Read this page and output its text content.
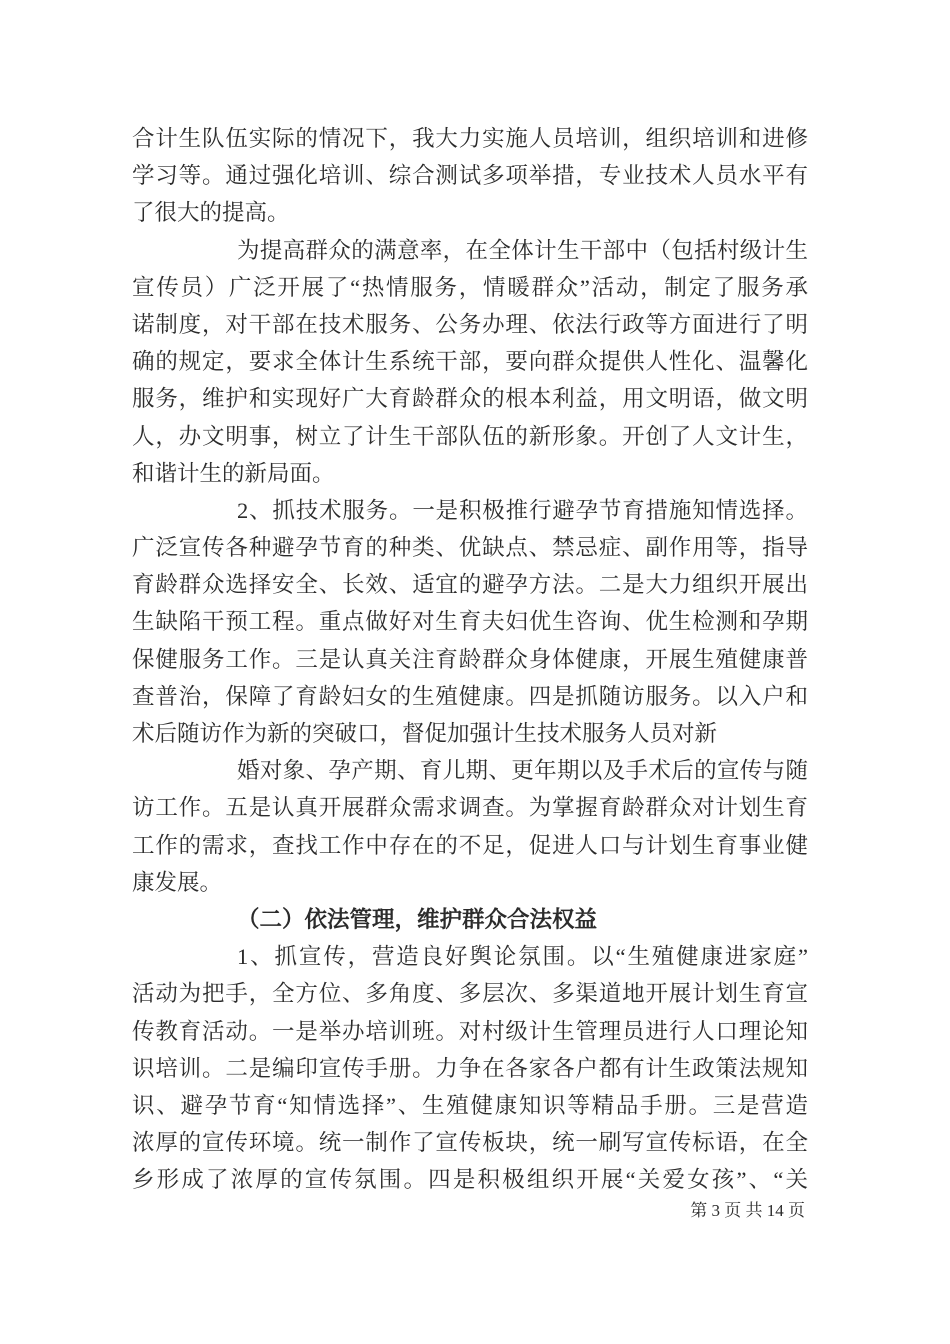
合计生队伍实际的情况下，我大力实施人员培训，组织培训和进修
学习等。通过强化培训、综合测试多项举措，专业技术人员水平有
了很大的提高。
为提高群众的满意率，在全体计生干部中（包括村级计生
宣传员）广泛开展了“热情服务，情暖群众”活动，制定了服务承
诺制度，对干部在技术服务、公务办理、依法行政等方面进行了明
确的规定，要求全体计生系统干部，要向群众提供人性化、温馨化
服务，维护和实现好广大育龄群众的根本利益，用文明语，做文明
人，办文明事，树立了计生干部队伍的新形象。开创了人文计生，
和谐计生的新局面。
2、抓技术服务。一是积极推行避孕节育措施知情选择。
广泛宣传各种避孕节育的种类、优缺点、禁忌症、副作用等，指导
育龄群众选择安全、长效、适宜的避孕方法。二是大力组织开展出
生缺陷干预工程。重点做好对生育夫妇优生咨询、优生检测和孕期
保健服务工作。三是认真关注育龄群众身体健康，开展生殖健康普
查普治，保障了育龄妇女的生殖健康。四是抓随访服务。以入户和
术后随访作为新的突破口，督促加强计生技术服务人员对新
婚对象、孕产期、育儿期、更年期以及手术后的宣传与随
访工作。五是认真开展群众需求调查。为掌握育龄群众对计划生育
工作的需求，查找工作中存在的不足，促进人口与计划生育事业健
康发展。
（二）依法管理，维护群众合法权益
1、抓宣传，营造良好舆论氛围。以“生殖健康进家庭”
活动为把手，全方位、多角度、多层次、多渠道地开展计划生育宣
传教育活动。一是举办培训班。对村级计生管理员进行人口理论知
识培训。二是编印宣传手册。力争在各家各户都有计生政策法规知
识、避孕节育“知情选择”、生殖健康知识等精品手册。三是营造
浓厚的宣传环境。统一制作了宣传板块，统一刷写宣传标语，在全
乡形成了浓厚的宣传氛围。四是积极组织开展“关爱女孩”、“关
第 3 页 共 14 页
